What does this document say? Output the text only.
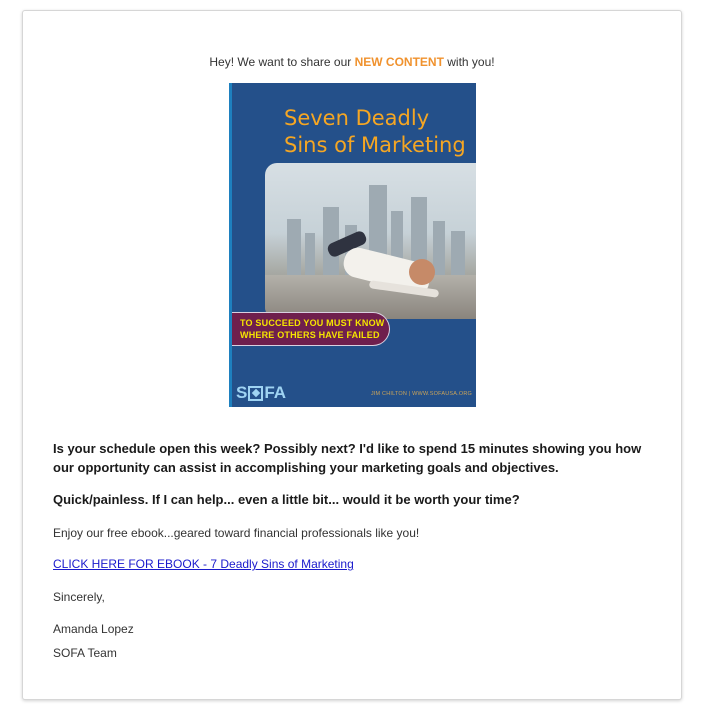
Hey! We want to share our NEW CONTENT with you!
Seven Deadly
Sins of Marketing
TO SUCCEED YOU MUST KNOW
WHERE OTHERS HAVE FAILED
S FA	JIM CHILTON | WWW.SOFAUSA.ORG

Is your schedule open this week? Possibly next? I'd like to spend 15 minutes showing you how our opportunity can assist in accomplishing your marketing goals and objectives.

Quick/painless. If I can help... even a little bit... would it be worth your time?

Enjoy our free ebook...geared toward financial professionals like you!

CLICK HERE FOR EBOOK - 7 Deadly Sins of Marketing

Sincerely,

Amanda Lopez

SOFA Team
